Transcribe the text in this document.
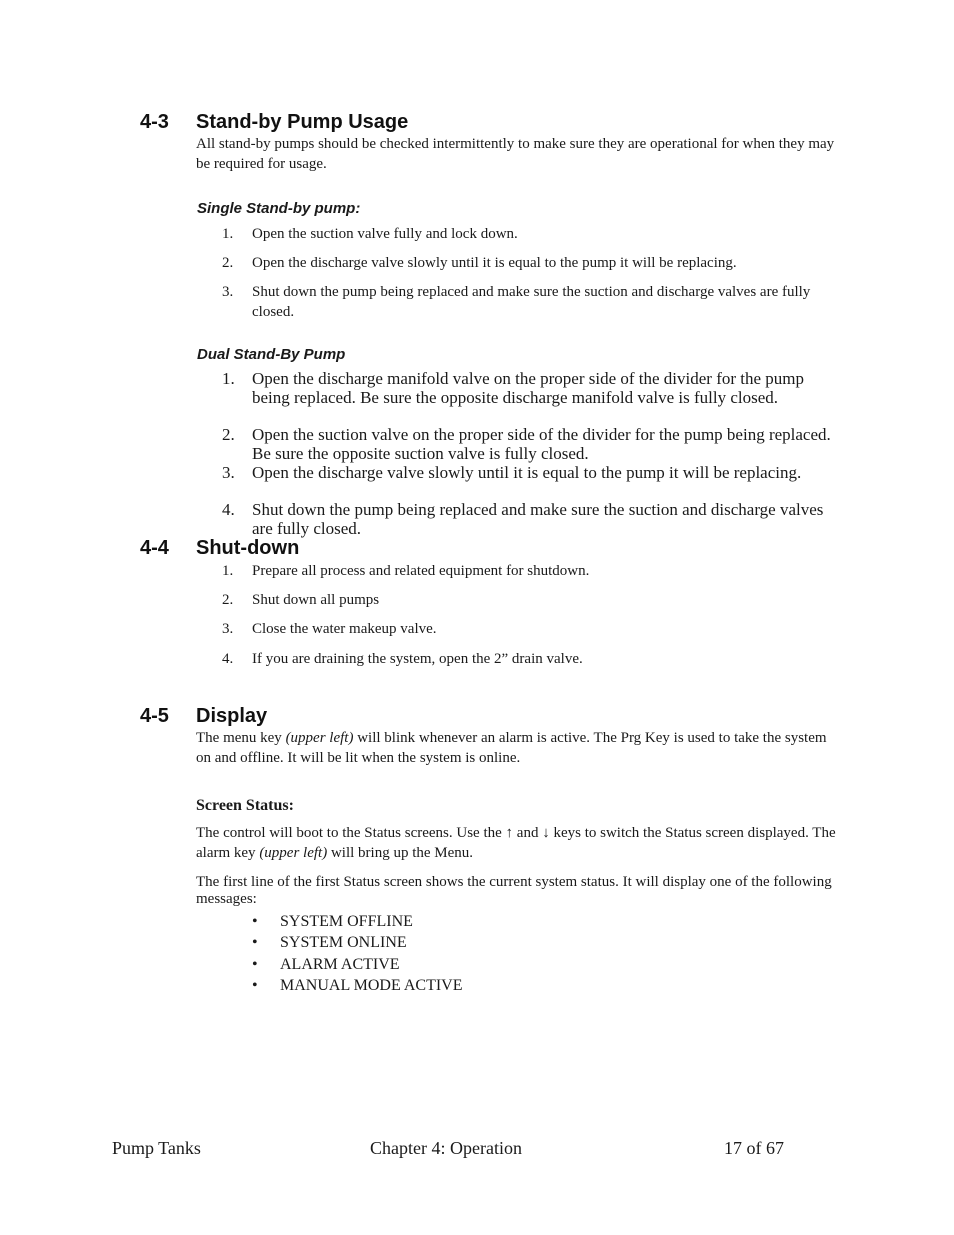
4-3 Stand-by Pump Usage
All stand-by pumps should be checked intermittently to make sure they are operational for when they may be required for usage.
Single Stand-by pump:
1. Open the suction valve fully and lock down.
2. Open the discharge valve slowly until it is equal to the pump it will be replacing.
3. Shut down the pump being replaced and make sure the suction and discharge valves are fully closed.
Dual Stand-By Pump
1. Open the discharge manifold valve on the proper side of the divider for the pump being replaced. Be sure the opposite discharge manifold valve is fully closed.
2. Open the suction valve on the proper side of the divider for the pump being replaced. Be sure the opposite suction valve is fully closed.
3. Open the discharge valve slowly until it is equal to the pump it will be replacing.
4. Shut down the pump being replaced and make sure the suction and discharge valves are fully closed.
4-4 Shut-down
1. Prepare all process and related equipment for shutdown.
2. Shut down all pumps
3. Close the water makeup valve.
4. If you are draining the system, open the 2” drain valve.
4-5 Display
The menu key (upper left) will blink whenever an alarm is active. The Prg Key is used to take the system on and offline. It will be lit when the system is online.
Screen Status:
The control will boot to the Status screens. Use the ↑ and ↓ keys to switch the Status screen displayed. The alarm key (upper left) will bring up the Menu.
The first line of the first Status screen shows the current system status. It will display one of the following messages:
• SYSTEM OFFLINE
• SYSTEM ONLINE
• ALARM ACTIVE
• MANUAL MODE ACTIVE
Pump Tanks	Chapter 4: Operation	17 of 67
